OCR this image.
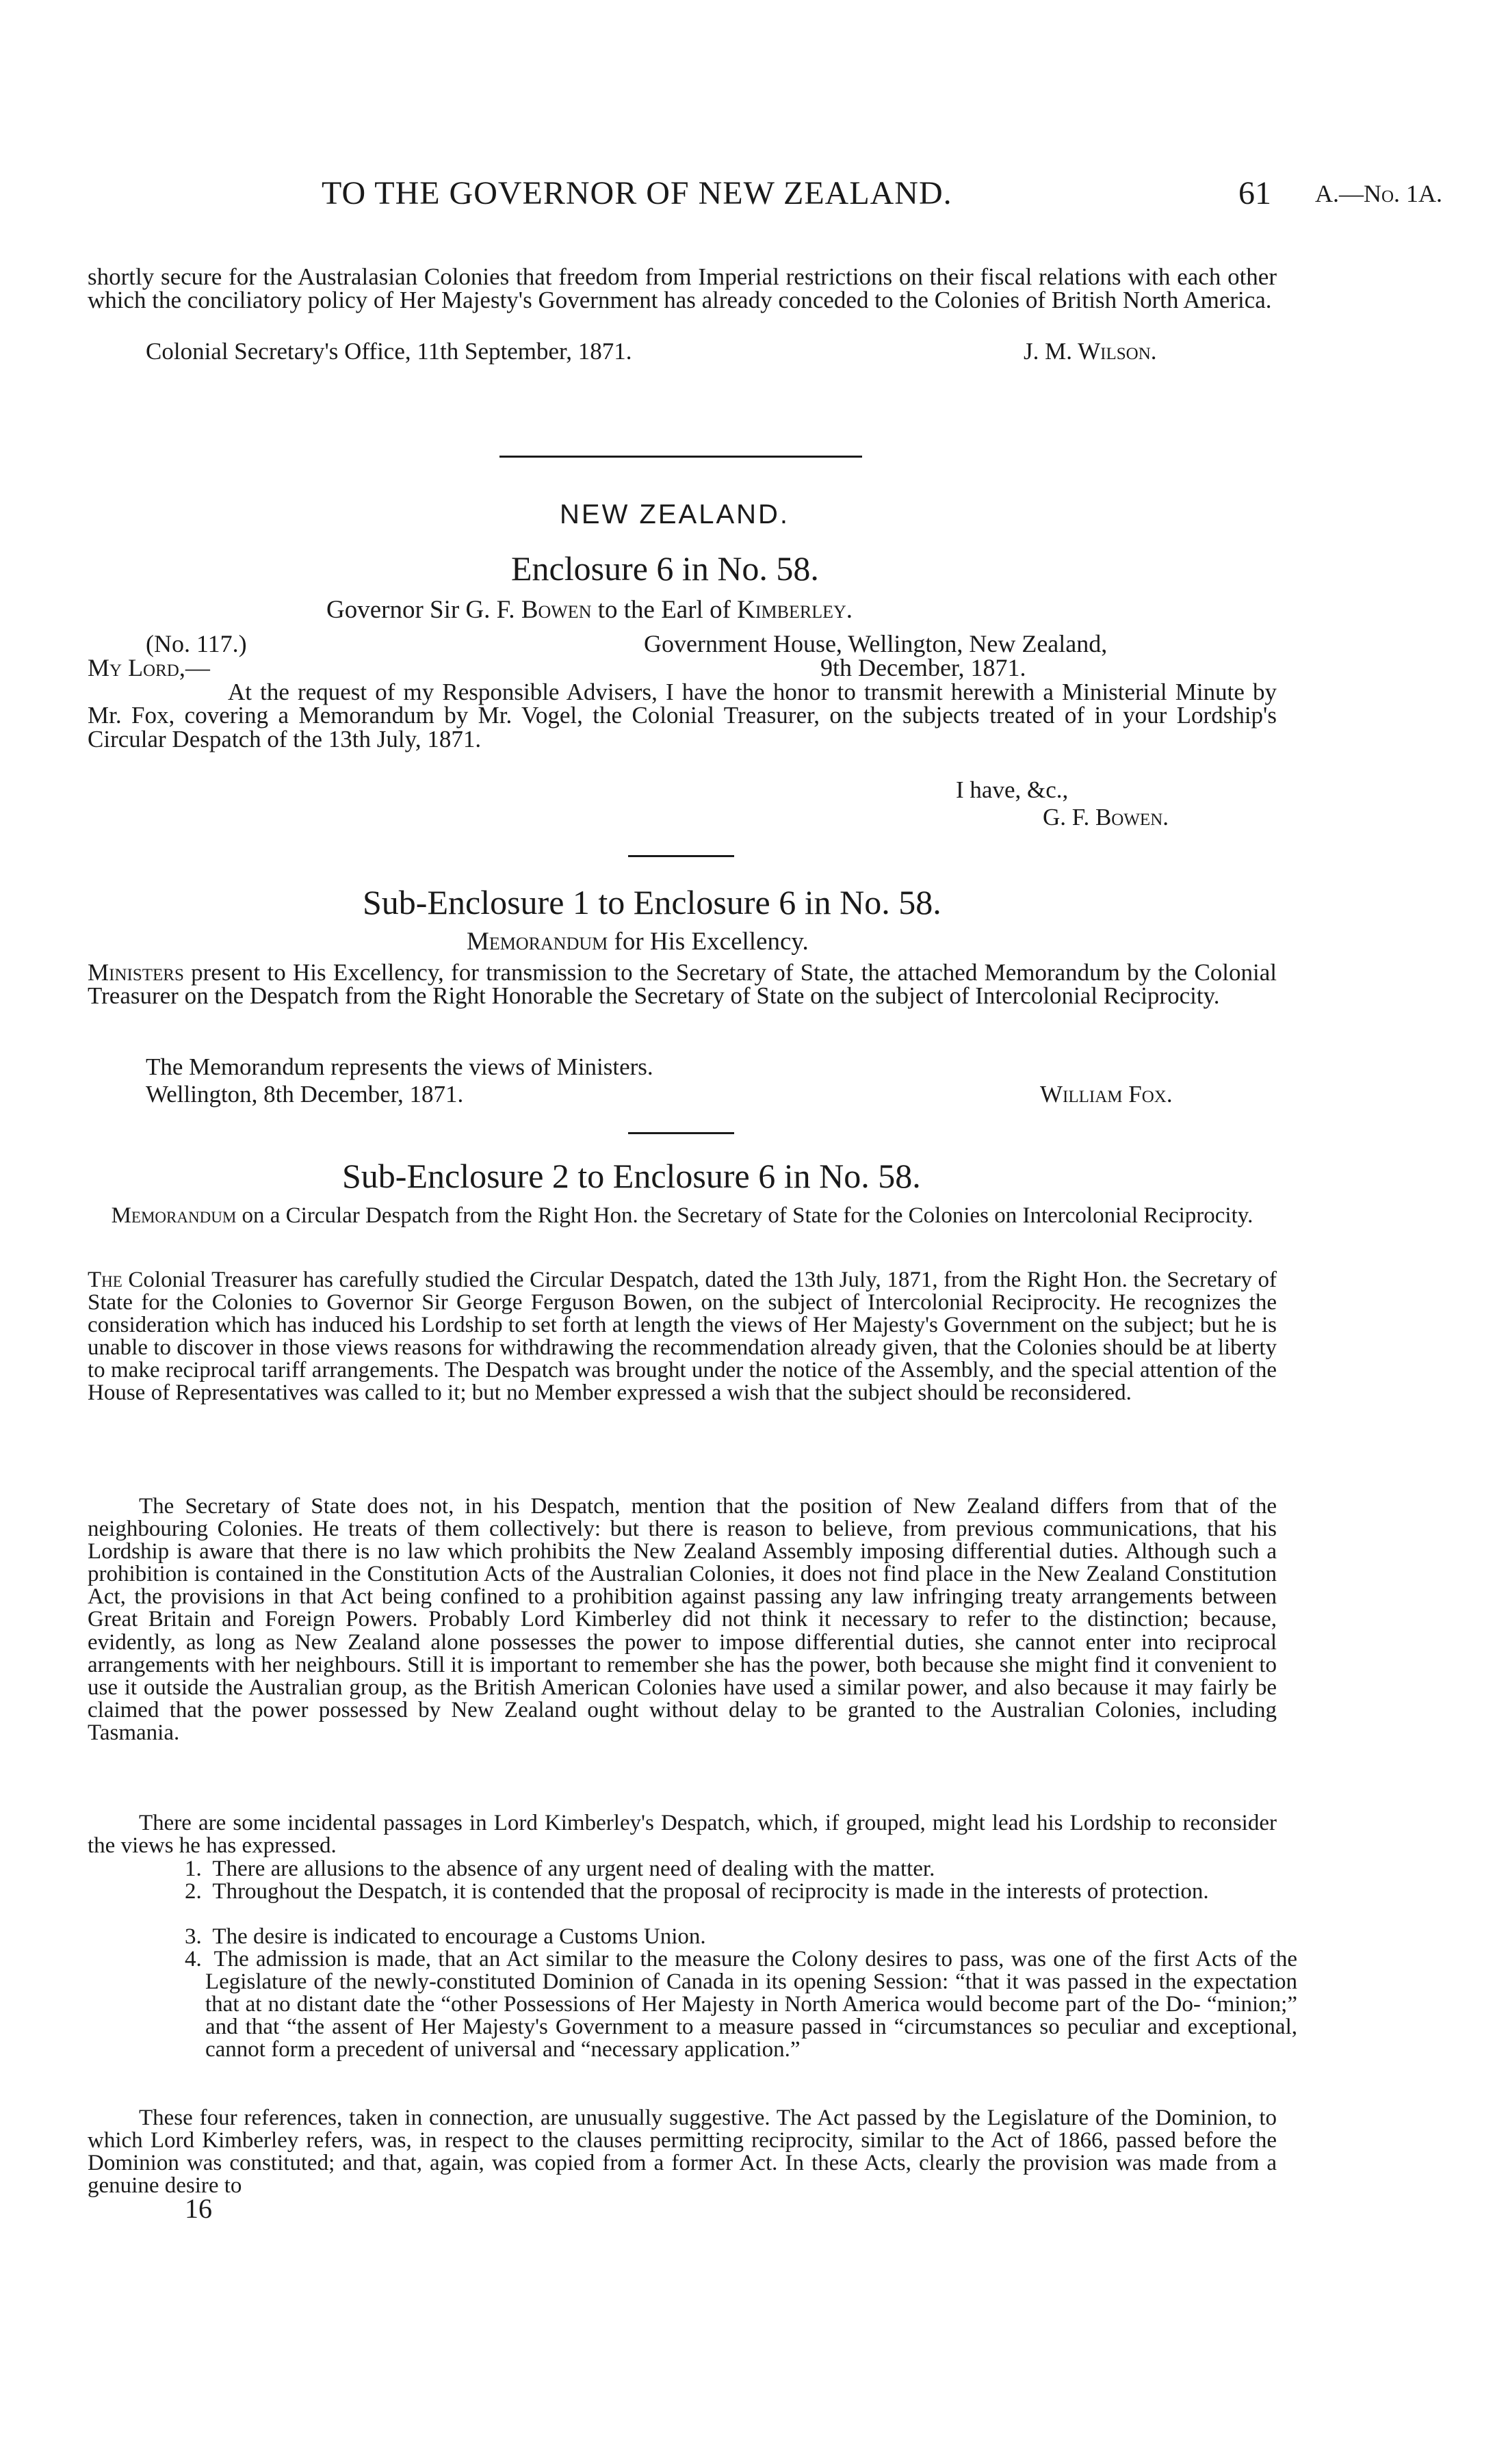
TO THE GOVERNOR OF NEW ZEALAND.	61 A.—No. 1A.
shortly secure for the Australasian Colonies that freedom from Imperial restrictions on their fiscal relations with each other which the conciliatory policy of Her Majesty's Government has already conceded to the Colonies of British North America.
Colonial Secretary's Office, 11th September, 1871.	J. M. Wilson.
NEW ZEALAND.
Enclosure 6 in No. 58.
Governor Sir G. F. Bowen to the Earl of Kimberley.
(No. 117.)	Government House, Wellington, New Zealand,
My Lord,—	9th December, 1871.
At the request of my Responsible Advisers, I have the honor to transmit herewith a Ministerial Minute by Mr. Fox, covering a Memorandum by Mr. Vogel, the Colonial Treasurer, on the subjects treated of in your Lordship's Circular Despatch of the 13th July, 1871.
I have, &c.,
G. F. Bowen.
Sub-Enclosure 1 to Enclosure 6 in No. 58.
Memorandum for His Excellency.
Ministers present to His Excellency, for transmission to the Secretary of State, the attached Memorandum by the Colonial Treasurer on the Despatch from the Right Honorable the Secretary of State on the subject of Intercolonial Reciprocity.
The Memorandum represents the views of Ministers.
Wellington, 8th December, 1871.	William Fox.
Sub-Enclosure 2 to Enclosure 6 in No. 58.
Memorandum on a Circular Despatch from the Right Hon. the Secretary of State for the Colonies on Intercolonial Reciprocity.
The Colonial Treasurer has carefully studied the Circular Despatch, dated the 13th July, 1871, from the Right Hon. the Secretary of State for the Colonies to Governor Sir George Ferguson Bowen, on the subject of Intercolonial Reciprocity. He recognizes the consideration which has induced his Lordship to set forth at length the views of Her Majesty's Government on the subject; but he is unable to discover in those views reasons for withdrawing the recommendation already given, that the Colonies should be at liberty to make reciprocal tariff arrangements. The Despatch was brought under the notice of the Assembly, and the special attention of the House of Representatives was called to it; but no Member expressed a wish that the subject should be reconsidered.
The Secretary of State does not, in his Despatch, mention that the position of New Zealand differs from that of the neighbouring Colonies. He treats of them collectively: but there is reason to believe, from previous communications, that his Lordship is aware that there is no law which prohibits the New Zealand Assembly imposing differential duties. Although such a prohibition is contained in the Constitution Acts of the Australian Colonies, it does not find place in the New Zealand Constitution Act, the provisions in that Act being confined to a prohibition against passing any law infringing treaty arrangements between Great Britain and Foreign Powers. Probably Lord Kimberley did not think it necessary to refer to the distinction; because, evidently, as long as New Zealand alone possesses the power to impose differential duties, she cannot enter into reciprocal arrangements with her neighbours. Still it is important to remember she has the power, both because she might find it convenient to use it outside the Australian group, as the British American Colonies have used a similar power, and also because it may fairly be claimed that the power possessed by New Zealand ought without delay to be granted to the Australian Colonies, including Tasmania.
There are some incidental passages in Lord Kimberley's Despatch, which, if grouped, might lead his Lordship to reconsider the views he has expressed.
1. There are allusions to the absence of any urgent need of dealing with the matter.
2. Throughout the Despatch, it is contended that the proposal of reciprocity is made in the interests of protection.
3. The desire is indicated to encourage a Customs Union.
4. The admission is made, that an Act similar to the measure the Colony desires to pass, was one of the first Acts of the Legislature of the newly-constituted Dominion of Canada in its opening Session: “that it was passed in the expectation that at no distant date the “other Possessions of Her Majesty in North America would become part of the Do- “minion;” and that “the assent of Her Majesty's Government to a measure passed in “circumstances so peculiar and exceptional, cannot form a precedent of universal and “necessary application.”
These four references, taken in connection, are unusually suggestive. The Act passed by the Legislature of the Dominion, to which Lord Kimberley refers, was, in respect to the clauses permitting reciprocity, similar to the Act of 1866, passed before the Dominion was constituted; and that, again, was copied from a former Act. In these Acts, clearly the provision was made from a genuine desire to
16
